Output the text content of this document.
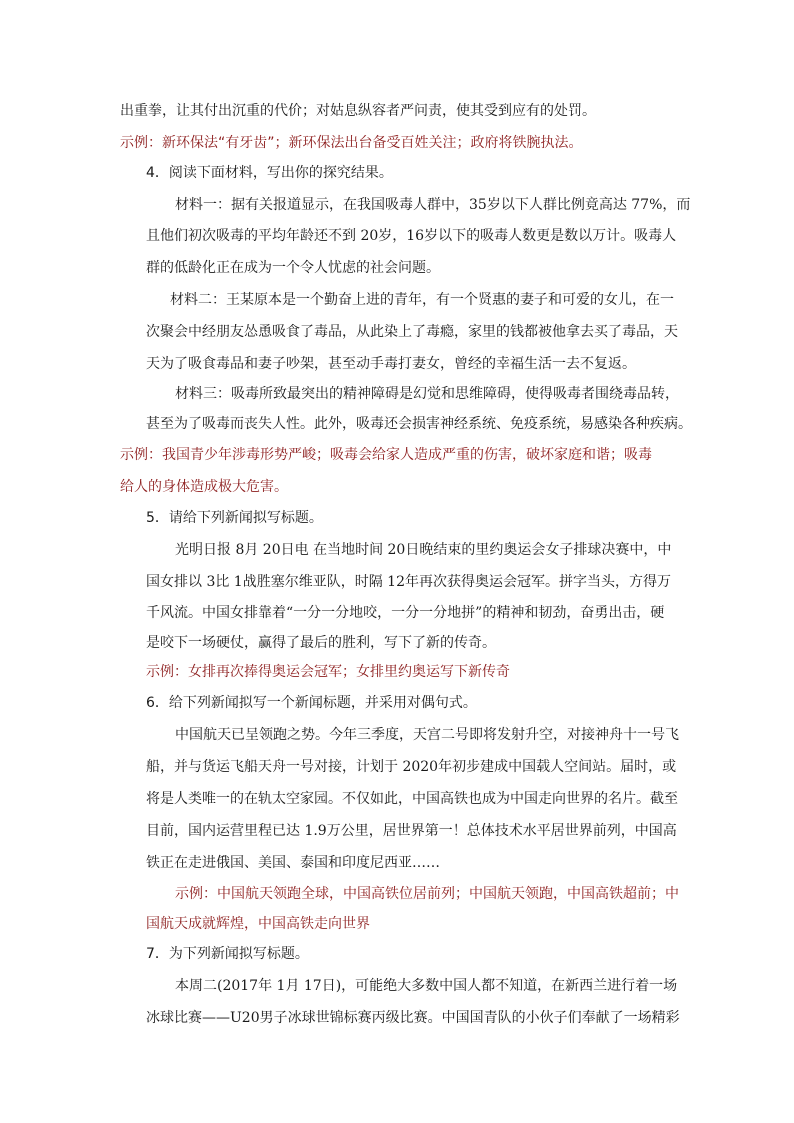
出重拳，让其付出沉重的代价；对姑息纵容者严问责，使其受到应有的处罚。
示例：新环保法“有牙齿”；新环保法出台备受百姓关注；政府将铁腕执法。
4．阅读下面材料，写出你的探究结果。
材料一：据有关报道显示，在我国吸毒人群中，35岁以下人群比例竟高达 77%，而
且他们初次吸毒的平均年龄还不到 20岁，16岁以下的吸毒人数更是数以万计。吸毒人
群的低龄化正在成为一个令人忧虑的社会问题。
材料二：王某原本是一个勤奋上进的青年，有一个贤惠的妻子和可爱的女儿，在一
次聚会中经朋友怂恿吸食了毒品，从此染上了毒瘾，家里的钱都被他拿去买了毒品，天
天为了吸食毒品和妻子吵架，甚至动手毒打妻女，曾经的幸福生活一去不复返。
材料三：吸毒所致最突出的精神障碍是幻觉和思维障碍，使得吸毒者围绕毒品转，
甚至为了吸毒而丧失人性。此外，吸毒还会损害神经系统、免疫系统，易感染各种疾病。
示例：我国青少年涉毒形势严峻；吸毒会给家人造成严重的伤害，破坏家庭和谐；吸毒
给人的身体造成极大危害。
5．请给下列新闻拟写标题。
光明日报 8月 20日电 在当地时间 20日晚结束的里约奥运会女子排球决赛中，中
国女排以 3比 1战胜塞尔维亚队，时隔 12年再次获得奥运会冠军。拼字当头，方得万
千风流。中国女排靠着“一分一分地咬，一分一分地拼”的精神和韧劲，奋勇出击，硬
是咬下一场硬仗，赢得了最后的胜利，写下了新的传奇。
示例：女排再次捧得奥运会冠军；女排里约奥运写下新传奇
6．给下列新闻拟写一个新闻标题，并采用对偶句式。
中国航天已呈领跑之势。今年三季度，天宫二号即将发射升空，对接神舟十一号飞
船，并与货运飞船天舟一号对接，计划于 2020年初步建成中国载人空间站。届时，或
将是人类唯一的在轨太空家园。不仅如此，中国高铁也成为中国走向世界的名片。截至
目前，国内运营里程已达 1.9万公里，居世界第一！总体技术水平居世界前列，中国高
铁正在走进俄国、美国、泰国和印度尼西亚……
示例：中国航天领跑全球，中国高铁位居前列；中国航天领跑，中国高铁超前；中
国航天成就辉煌，中国高铁走向世界
7．为下列新闻拟写标题。
本周二(2017年 1月 17日)，可能绝大多数中国人都不知道，在新西兰进行着一场
冰球比赛——U20男子冰球世锦标赛丙级比赛。中国国青队的小伙子们奉献了一场精彩
